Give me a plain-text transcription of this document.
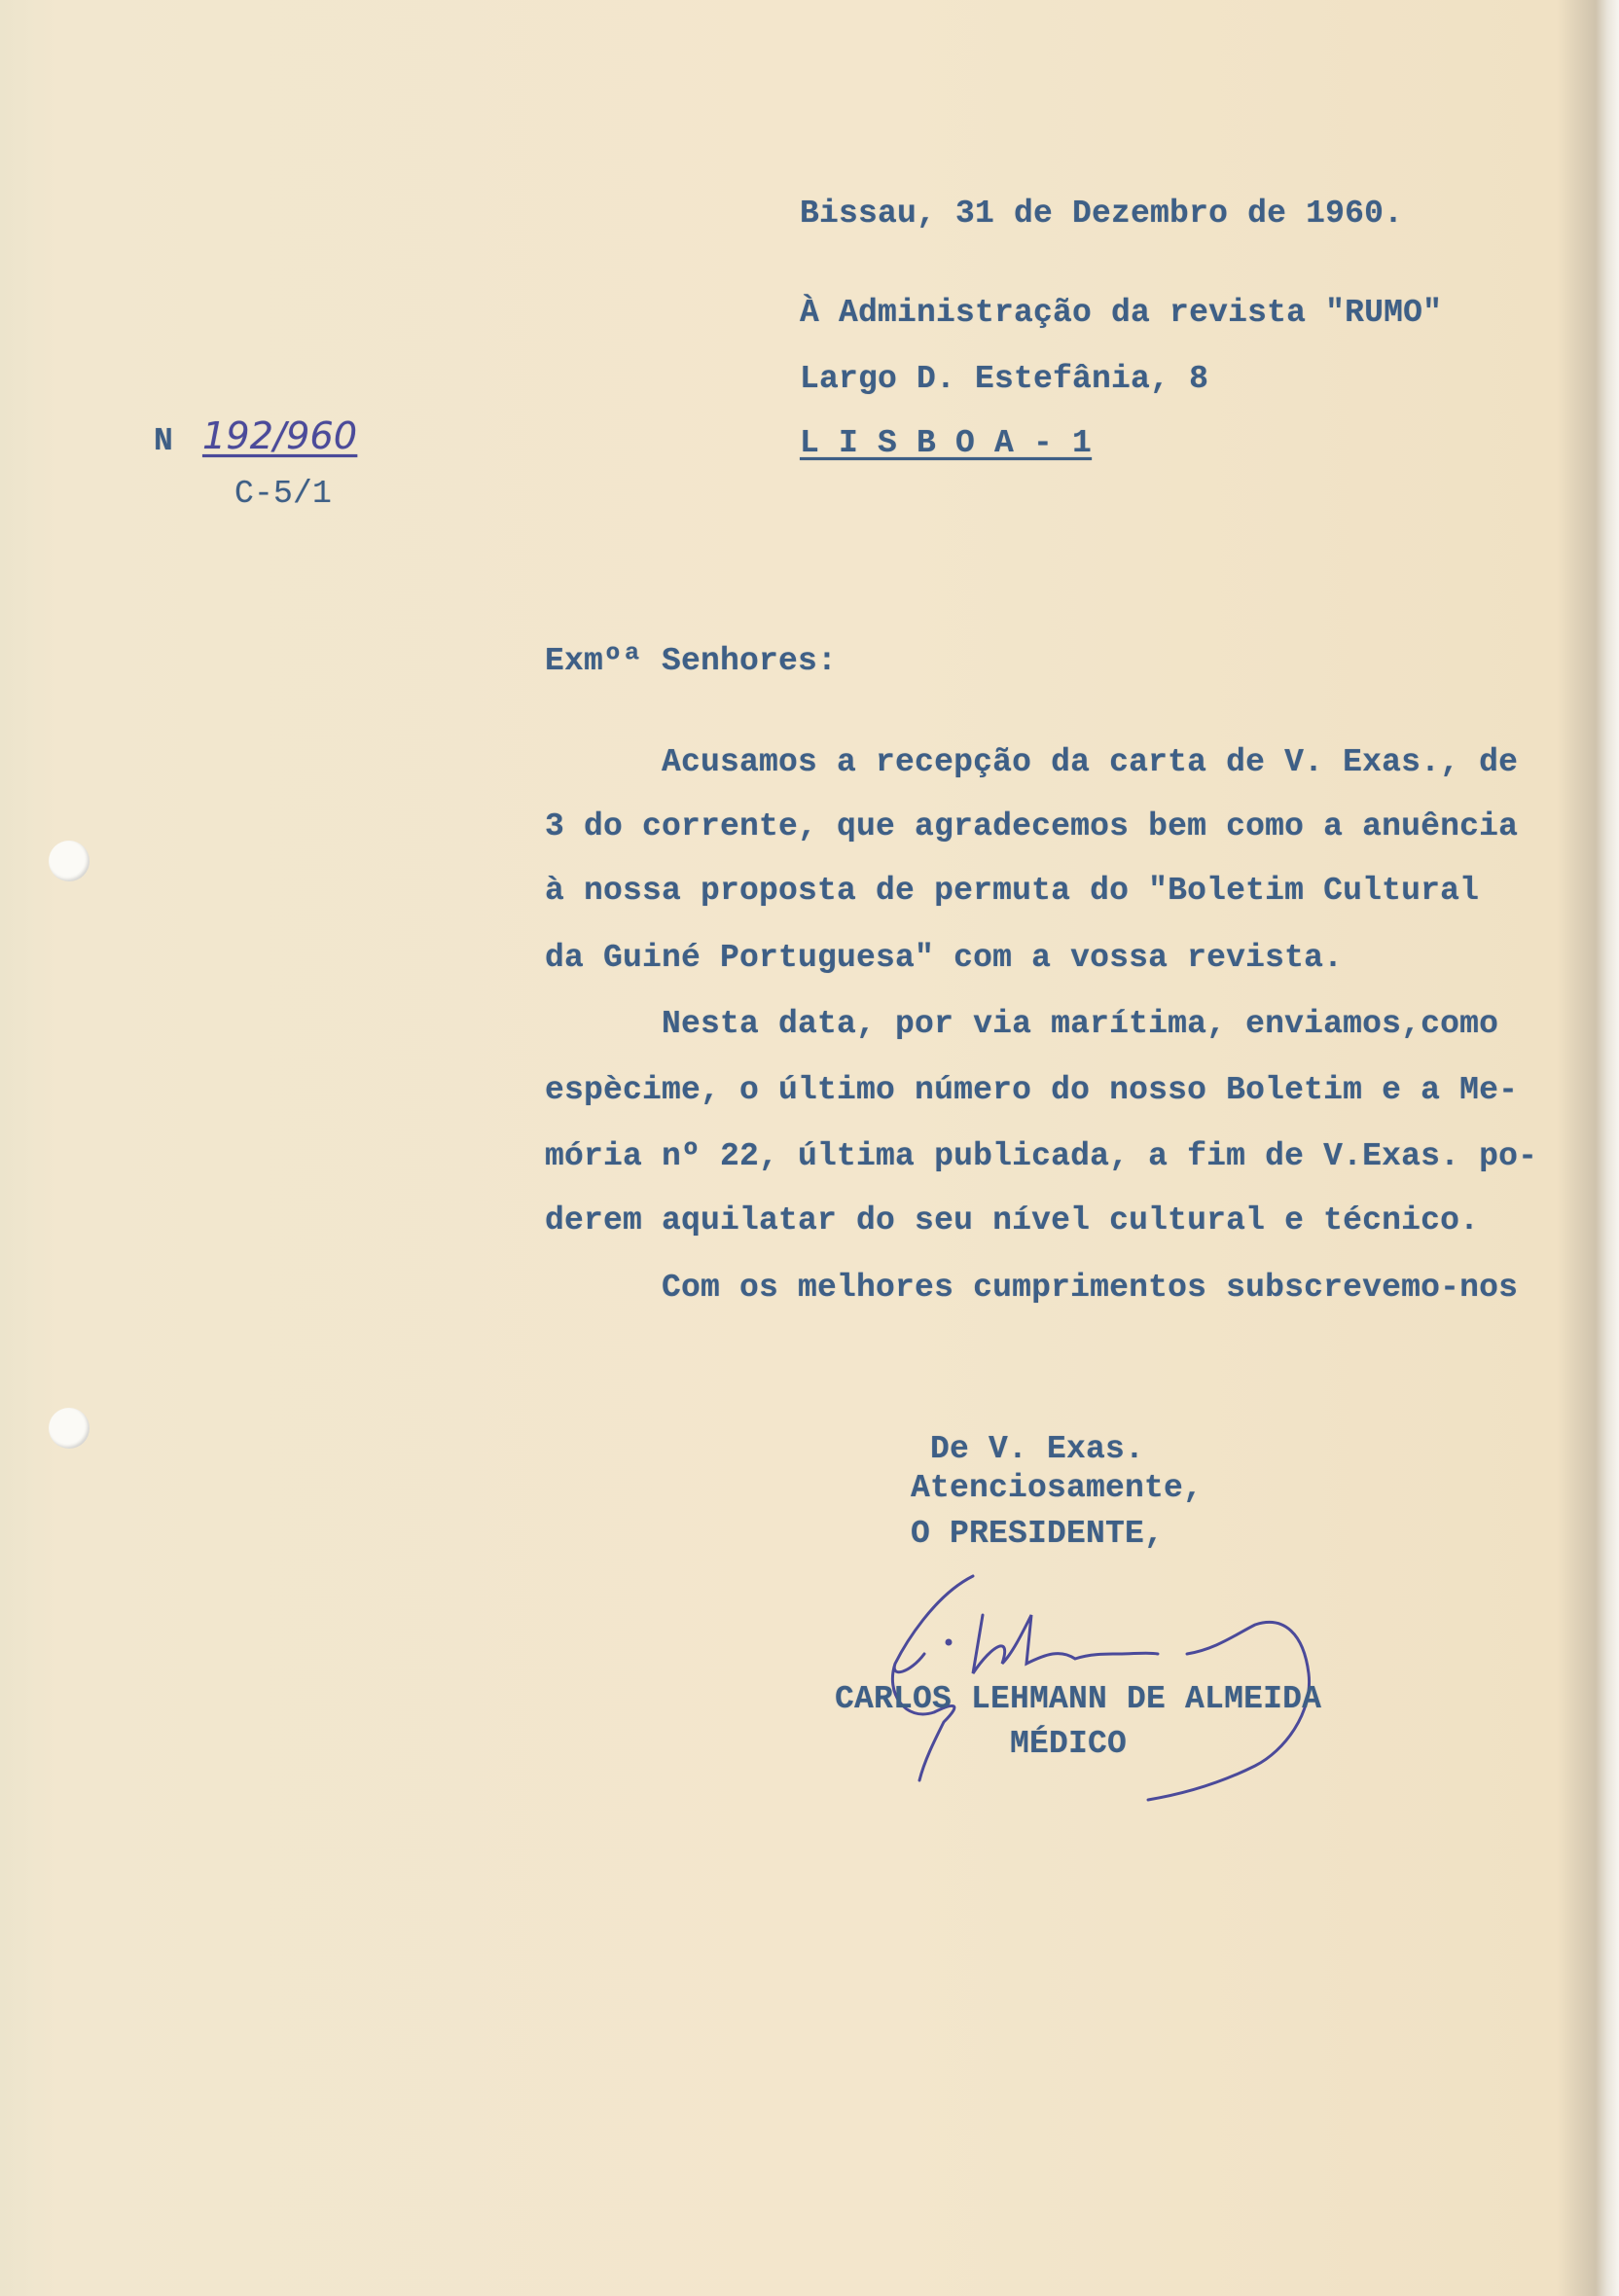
Bissau, 31 de Dezembro de 1960.
À Administração da revista "RUMO"
Largo D. Estefânia, 8
L I S B O A - 1
N 192/960
C-5/1
Exmºª Senhores:
Acusamos a recepção da carta de V. Exas., de
3 do corrente, que agradecemos bem como a anuência
à nossa proposta de permuta do "Boletim Cultural
da Guiné Portuguesa" com a vossa revista.
Nesta data, por via marítima, enviamos,como
espècime, o último número do nosso Boletim e a Me-
mória nº 22, última publicada, a fim de V.Exas. po-
derem aquilatar do seu nível cultural e técnico.
Com os melhores cumprimentos subscrevemo-nos
De V. Exas.
Atenciosamente,
O PRESIDENTE,
CARLOS LEHMANN DE ALMEIDA
MÉDICO
